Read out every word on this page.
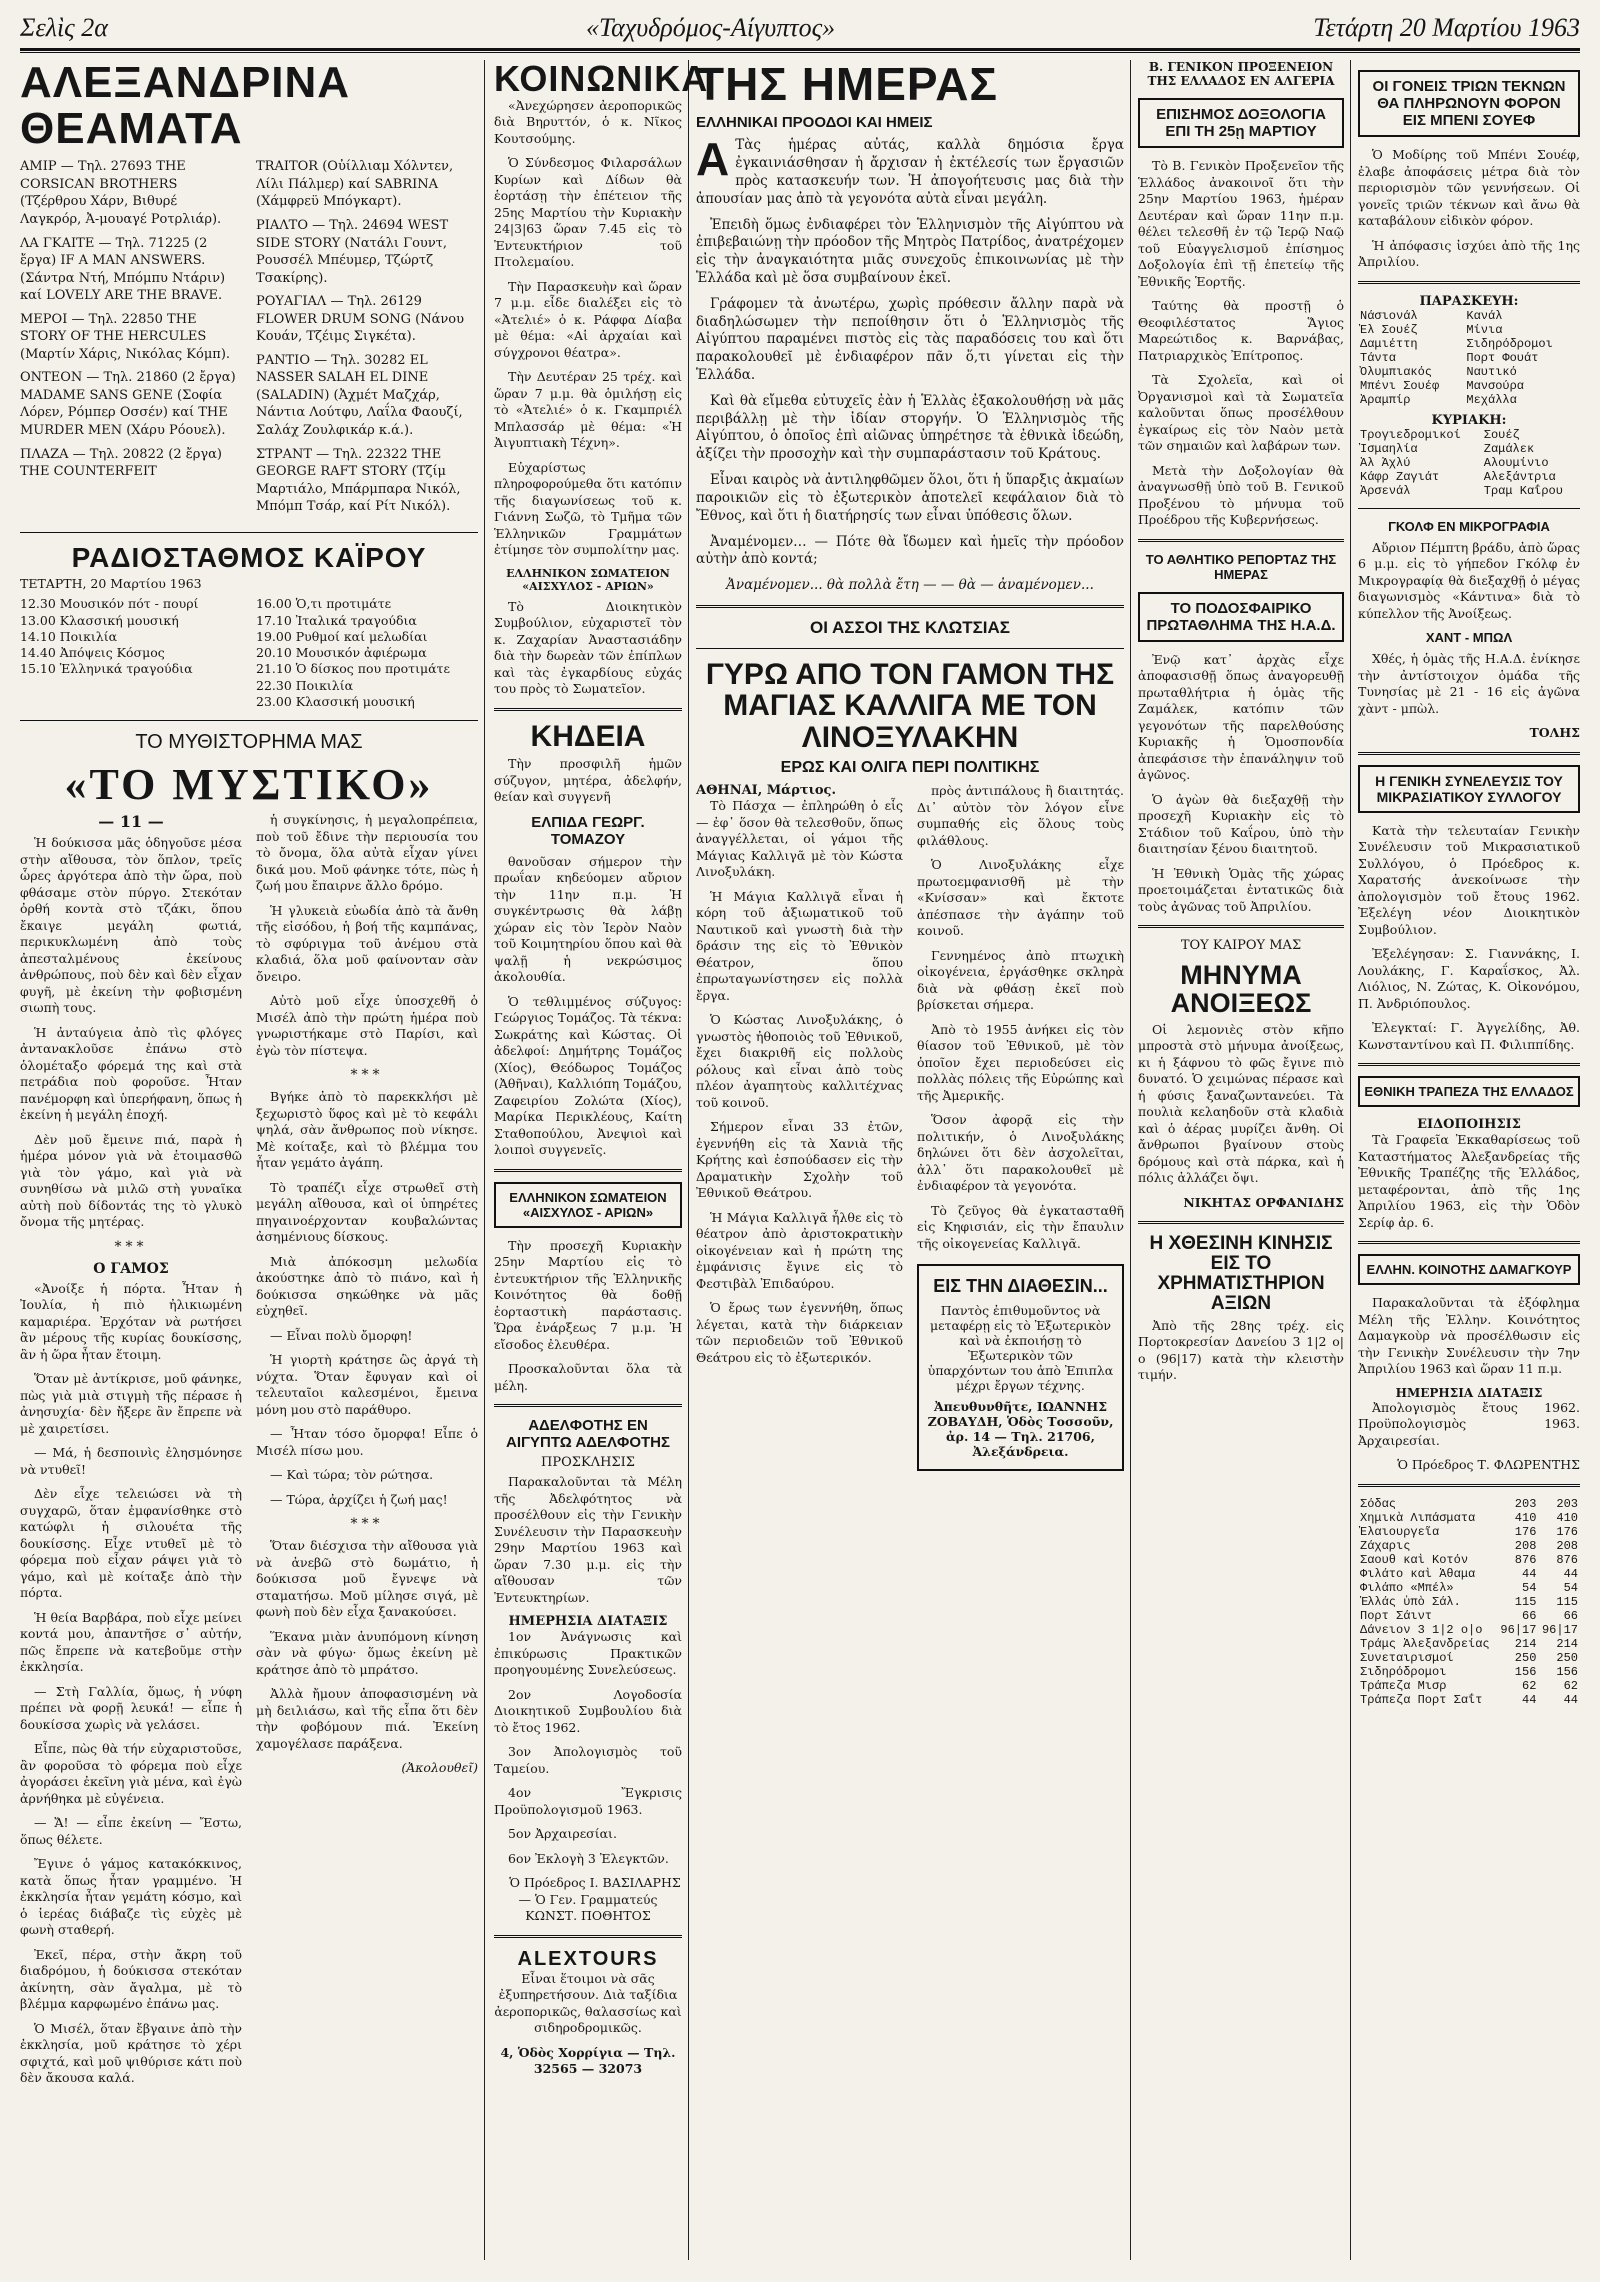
Σελὶς 2α	«Ταχυδρόμος-Αίγυπτος»	Τετάρτη 20 Μαρτίου 1963
ΑΛΕΞΑΝΔΡΙΝΑ ΘΕΑΜΑΤΑ

ΑΜΙΡ — Τηλ. 27693 THE CORSICAN BROTHERS (Τζέρθρου Χάρν, Βιθυρέ Λαγκρόρ, Ἀ-μουαγέ Ροτρλιάρ).

ΛΑ ΓΚΑΙΤΕ — Τηλ. 71225 (2 ἔργα) IF A MAN ANSWERS. (Σάντρα Ντή, Μπόμπυ Ντάριν) καί LOVELY ARE THE BRAVE.

ΜΕΡΟΙ — Τηλ. 22850 THE STORY OF THE HERCULES (Μαρτίν Χάρις, Νικόλας Κόμπ).

ΟΝΤΕΟΝ — Τηλ. 21860 (2 ἔργα) MADAME SANS GENE (Σοφία Λόρεν, Ρόμπερ Οσσέν) καί THE MURDER MEN (Χάρυ Ρόουελ).

ΠΛΑΖΑ — Τηλ. 20822 (2 ἔργα) THE COUNTERFEIT

TRAITOR (Οὐίλλιαμ Χόλντεν, Λίλι Πάλμερ) καί SABRINA (Χάμφρεϋ Μπόγκαρτ).

ΡΙΑΛΤΟ — Τηλ. 24694 WEST SIDE STORY (Νατάλι Γουντ, Ρουσσέλ Μπέυμερ, Τζώρτζ Τσακίρης).

ΡΟΥΑΓΙΑΛ — Τηλ. 26129 FLOWER DRUM SONG (Νάνου Κουάν, Τζέιμς Σιγκέτα).

ΡΑΝΤΙΟ — Τηλ. 30282 EL NASSER SALAH EL DINE (SALADIN) (Ἀχμέτ Μαζχάρ, Νάντια Λούτφυ, Λαΐλα Φαουζί, Σαλάχ Ζουλφικάρ κ.ά.).

ΣΤΡΑΝΤ — Τηλ. 22322 THE GEORGE RAFT STORY (Τζίμ Μαρτιάλο, Μπάρμπαρα Νικόλ, Μπόμπ Τσάρ, καί Ρίτ Νικόλ).

ΡΑΔΙΟΣΤΑΘΜΟΣ ΚΑΪΡΟΥ
ΤΕΤΑΡΤΗ, 20 Μαρτίου 1963
12.30 Μουσικόν πότ - πουρί
13.00 Κλασσική μουσική
14.10 Ποικιλία
14.40 Ἀπόψεις Κόσμος
15.10 Ἑλληνικά τραγούδια
16.00 Ὁ,τι προτιμάτε
17.10 Ἰταλικά τραγούδια
19.00 Ρυθμοί καί μελωδίαι
20.10 Μουσικόν ἀφιέρωμα
21.10 Ὁ δίσκος που προτιμάτε
22.30 Ποικιλία
23.00 Κλασσική μουσική
ΤΟ ΜΥΘΙΣΤΟΡΗΜΑ ΜΑΣ
«ΤΟ ΜΥΣΤΙΚΟ»
— 11 —

Ἡ δούκισσα μᾶς ὁδηγοῦσε μέσα στὴν αἴθουσα, τὸν ὅπλον, τρεῖς ὧρες ἀργότερα ἀπὸ τὴν ὥρα, ποὺ φθάσαμε στὸν πύργο. Στεκόταν ὀρθή κοντὰ στὸ τζάκι, ὅπου ἔκαιγε μεγάλη φωτιά, περικυκλωμένη ἀπὸ τοὺς ἀπεσταλμένους ἐκείνους ἀνθρώπους, ποὺ δὲν καὶ δὲν εἶχαν φυγῆ, μὲ ἐκείνη τὴν φοβισμένη σιωπὴ τους.

Ἡ ἀνταύγεια ἀπὸ τὶς φλόγες ἀντανακλοῦσε ἐπάνω στὸ ὁλομέταξο φόρεμά της καὶ στὰ πετράδια ποὺ φοροῦσε. Ἦταν πανέμορφη καὶ ὑπερήφανη, ὅπως ἡ ἐκείνη ἡ μεγάλη ἐποχή.

Δὲν μοῦ ἔμεινε πιά, παρὰ ἡ ἡμέρα μόνον γιὰ νὰ ἑτοιμασθῶ γιὰ τὸν γάμο, καὶ γιὰ νὰ συνηθίσω νὰ μιλῶ στὴ γυναῖκα αὐτὴ ποὺ δίδοντάς της τὸ γλυκὸ ὄνομα τῆς μητέρας.

***
Ο ΓΑΜΟΣ

«Ἀνοίξε ἡ πόρτα. Ἦταν ἡ Ἰουλία, ἡ πιὸ ἠλικιωμένη καμαριέρα. Ἐρχόταν νὰ ρωτήσει ἂν μέρους τῆς κυρίας δουκίσσης, ἂν ἡ ὥρα ἦταν ἕτοιμη.

Ὅταν μὲ ἀντίκρισε, μοῦ φάνηκε, πὼς γιὰ μιὰ στιγμὴ τῆς πέρασε ἡ ἀνησυχία· δὲν ἤξερε ἂν ἔπρεπε νὰ μὲ χαιρετίσει.

— Μά, ἡ δεσποινὶς ἐλησμόνησε νὰ ντυθεῖ!

Δὲν εἶχε τελειώσει νὰ τὴ συγχαρῶ, ὅταν ἐμφανίσθηκε στὸ κατώφλι ἡ σιλουέτα τῆς δουκίσσης. Εἶχε ντυθεῖ μὲ τὸ φόρεμα ποὺ εἶχαν ράψει γιὰ τὸ γάμο, καὶ μὲ κοίταξε ἀπὸ τὴν πόρτα.

Ἡ θεία Βαρβάρα, ποὺ εἶχε μείνει κοντά μου, ἀπαντῆσε σ᾽ αὐτήν, πῶς ἔπρεπε νὰ κατεβοῦμε στὴν ἐκκλησία.

— Στὴ Γαλλία, ὅμως, ἡ νύφη πρέπει νὰ φορῇ λευκά! — εἶπε ἡ δουκίσσα χωρὶς νὰ γελάσει.

Εἶπε, πὼς θὰ τήν εὐχαριστοῦσε, ἂν φοροῦσα τὸ φόρεμα ποὺ εἶχε ἀγοράσει ἐκεῖνη γιὰ μένα, καὶ ἐγὼ ἀρνήθηκα μὲ εὐγένεια.

— Ἄ! — εἶπε ἐκείνη — Ἔστω, ὅπως θέλετε.

Ἔγινε ὁ γάμος κατακόκκινος, κατὰ ὅπως ἦταν γραμμένο. Ἡ ἐκκλησία ἦταν γεμάτη κόσμο, καὶ ὁ ἱερέας διάβαζε τὶς εὐχὲς μὲ φωνὴ σταθερή.

Ἐκεῖ, πέρα, στὴν ἄκρη τοῦ διαδρόμου, ἡ δούκισσα στεκόταν ἀκίνητη, σὰν ἄγαλμα, μὲ τὸ βλέμμα καρφωμένο ἐπάνω μας.

Ὁ Μισέλ, ὅταν ἔβγαινε ἀπὸ τὴν ἐκκλησία, μοῦ κράτησε τὸ χέρι σφιχτά, καὶ μοῦ ψιθύρισε κάτι ποὺ δὲν ἄκουσα καλά.

ἡ συγκίνησις, ἡ μεγαλοπρέπεια, ποὺ τοῦ ἔδινε τὴν περιουσία του τὸ ὄνομα, ὅλα αὐτὰ εἶχαν γίνει δικά μου. Μοῦ φάνηκε τότε, πὼς ἡ ζωή μου ἔπαιρνε ἄλλο δρόμο.

Ἡ γλυκειὰ εὐωδία ἀπὸ τὰ ἄνθη τῆς εἰσόδου, ἡ βοή τῆς καμπάνας, τὸ σφύριγμα τοῦ ἀνέμου στὰ κλαδιά, ὅλα μοῦ φαίνονταν σὰν ὄνειρο.

Αὐτὸ μοῦ εἶχε ὑποσχεθῆ ὁ Μισέλ ἀπὸ τὴν πρώτη ἡμέρα ποὺ γνωριστήκαμε στὸ Παρίσι, καὶ ἐγὼ τὸν πίστεψα.

***

Βγήκε ἀπὸ τὸ παρεκκλήσι μὲ ξεχωριστὸ ὕφος καὶ μὲ τὸ κεφάλι ψηλά, σὰν ἄνθρωπος ποὺ νίκησε. Μὲ κοίταξε, καὶ τὸ βλέμμα του ἦταν γεμάτο ἀγάπη.

Τὸ τραπέζι εἶχε στρωθεῖ στὴ μεγάλη αἴθουσα, καὶ οἱ ὑπηρέτες πηγαινοέρχονταν κουβαλώντας ἀσημένιους δίσκους.

Μιὰ ἀπόκοσμη μελωδία ἀκούστηκε ἀπὸ τὸ πιάνο, καὶ ἡ δούκισσα σηκώθηκε νὰ μᾶς εὐχηθεῖ.

— Εἶναι πολὺ ὄμορφη!

Ἡ γιορτὴ κράτησε ὣς ἀργά τὴ νύχτα. Ὅταν ἔφυγαν καὶ οἱ τελευταῖοι καλεσμένοι, ἔμεινα μόνη μου στὸ παράθυρο.

— Ἦταν τόσο ὄμορφα! Εἶπε ὁ Μισέλ πίσω μου.

— Καὶ τώρα; τὸν ρώτησα.

— Τώρα, ἀρχίζει ἡ ζωή μας!

***

Ὅταν διέσχισα τὴν αἴθουσα γιὰ νὰ ἀνεβῶ στὸ δωμάτιο, ἡ δούκισσα μοῦ ἔγνεψε νὰ σταματήσω. Μοῦ μίλησε σιγά, μὲ φωνὴ ποὺ δὲν εἶχα ξανακούσει.

Ἕκανα μιὰν ἀνυπόμονη κίνηση σὰν νὰ φύγω· ὅμως ἐκείνη μὲ κράτησε ἀπὸ τὸ μπράτσο.

Ἀλλὰ ἤμουν ἀποφασισμένη νὰ μὴ δειλιάσω, καὶ τῆς εἶπα ὅτι δὲν τὴν φοβόμουν πιά. Ἐκείνη χαμογέλασε παράξενα.

(Ἀκολουθεῖ)

ΚΟΙΝΩΝΙΚΑ

«Ἀνεχώρησεν ἀεροπορικῶς διὰ Βηρυττόν, ὁ κ. Νῖκος Κουτσούμης.

Ὁ Σύνδεσμος Φιλαρσάλων Κυρίων καὶ Δίδων θὰ ἑορτάσῃ τὴν ἐπέτειον τῆς 25ης Μαρτίου τὴν Κυριακὴν 24|3|63 ὥραν 7.45 εἰς τὸ Ἐντευκτήριον τοῦ Πτολεμαίου.

Τὴν Παρασκευὴν καὶ ὥραν 7 μ.μ. εἶδε διαλέξει εἰς τὸ «Ἀτελιέ» ὁ κ. Ράφφα Δίαβα μὲ θέμα: «Αἱ ἀρχαίαι καὶ σύγχρονοι θέατρα».

Τὴν Δευτέραν 25 τρέχ. καὶ ὥραν 7 μ.μ. θὰ ὁμιλήσῃ εἰς τὸ «Ἀτελιέ» ὁ κ. Γκαμπριέλ Μπλασσάρ μὲ θέμα: «Ἡ Ἀιγυπτιακὴ Τέχνη».

Εὐχαρίστως πληροφορούμεθα ὅτι κατόπιν τῆς διαγωνίσεως τοῦ κ. Γιάννη Σωζῶ, τὸ Τμῆμα τῶν Ἑλληνικῶν Γραμμάτων ἐτίμησε τὸν συμπολίτην μας.

ΕΛΛΗΝΙΚΟΝ ΣΩΜΑΤΕΙΟΝ «ΑΙΣΧΥΛΟΣ - ΑΡΙΩΝ»

Τὸ Διοικητικὸν Συμβούλιον, εὐχαριστεῖ τὸν κ. Ζαχαρίαν Ἀναστασιάδην διὰ τὴν δωρεὰν τῶν ἐπίπλων καὶ τὰς ἐγκαρδίους εὐχάς του πρὸς τὸ Σωματεῖον.

ΚΗΔΕΙΑ

Τὴν προσφιλῆ ἡμῶν σύζυγον, μητέρα, ἀδελφήν, θείαν καὶ συγγενῆ

ΕΛΠΙΔΑ ΓΕΩΡΓ. ΤΟΜΑΖΟΥ

θανοῦσαν σήμερον τὴν πρωΐαν κηδεύομεν αὔριον τὴν 11ην π.μ. Ἡ συγκέντρωσις θὰ λάβῃ χώραν εἰς τὸν Ἱερὸν Ναὸν τοῦ Κοιμητηρίου ὅπου καὶ θὰ ψαλῇ ἡ νεκρώσιμος ἀκολουθία.

Ὁ τεθλιμμένος σύζυγος: Γεώργιος Τομάζος. Τὰ τέκνα: Σωκράτης καὶ Κώστας. Οἱ ἀδελφοί: Δημήτρης Τομάζος (Χίος), Θεόδωρος Τομάζος (Ἀθῆναι), Καλλιόπη Τομάζου, Ζαφειρίου Ζολώτα (Χίος), Μαρίκα Περικλέους, Καίτη Σταθοπούλου, Ἀνεψιοὶ καὶ λοιποὶ συγγενεῖς.

ΕΛΛΗΝΙΚΟΝ ΣΩΜΑΤΕΙΟΝ «ΑΙΣΧΥΛΟΣ - ΑΡΙΩΝ»

Τὴν προσεχῆ Κυριακὴν 25ην Μαρτίου εἰς τὸ ἐντευκτήριον τῆς Ἑλληνικῆς Κοινότητος θὰ δοθῇ ἑορταστικὴ παράστασις. Ὥρα ἐνάρξεως 7 μ.μ. Ἡ εἴσοδος ἐλευθέρα.

Προσκαλοῦνται ὅλα τὰ μέλη.

ΑΔΕΛΦΟΤΗΣ ΕΝ ΑΙΓΥΠΤΩ ΑΔΕΛΦΟΤΗΣ
ΠΡΟΣΚΛΗΣΙΣ

Παρακαλοῦνται τὰ Μέλη τῆς Ἀδελφότητος νὰ προσέλθουν εἰς τὴν Γενικὴν Συνέλευσιν τὴν Παρασκευὴν 29ην Μαρτίου 1963 καὶ ὥραν 7.30 μ.μ. εἰς τὴν αἴθουσαν τῶν Ἐντευκτηρίων.

ΗΜΕΡΗΣΙΑ ΔΙΑΤΑΞΙΣ

1ον Ἀνάγνωσις καὶ ἐπικύρωσις Πρακτικῶν προηγουμένης Συνελεύσεως.

2ον Λογοδοσία Διοικητικοῦ Συμβουλίου διὰ τὸ ἔτος 1962.

3ον Ἀπολογισμὸς τοῦ Ταμείου.

4ον Ἔγκρισις Προϋπολογισμοῦ 1963.

5ον Ἀρχαιρεσίαι.

6ον Ἐκλογὴ 3 Ἐλεγκτῶν.

Ὁ Πρόεδρος Ι. ΒΑΣΙΛΑΡΗΣ — Ὁ Γεν. Γραμματεύς ΚΩΝΣΤ. ΠΟΘΗΤΟΣ

ALEXTOURS

Εἶναι ἕτοιμοι νὰ σᾶς ἐξυπηρετήσουν. Διὰ ταξίδια ἀεροπορικῶς, θαλασσίως καὶ σιδηροδρομικῶς.

4, Ὁδὸς Χορρίγια — Τηλ. 32565 — 32073

ΤΗΣ ΗΜΕΡΑΣ
ΕΛΛΗΝΙΚΑΙ ΠΡΟΟΔΟΙ ΚΑΙ ΗΜΕΙΣ
Α Τὰς ἡμέρας αὐτάς, καλλὰ δημόσια ἔργα ἐγκαινιάσθησαν ἡ ἄρχισαν ἡ ἐκτέλεσίς των ἔργασιῶν πρὸς κατασκευήν των. Ἡ ἀπογοήτευσις μας διὰ τὴν ἀπουσίαν μας ἀπὸ τὰ γεγονότα αὐτὰ εἶναι μεγάλη.

Ἐπειδὴ ὅμως ἐνδιαφέρει τὸν Ἑλληνισμὸν τῆς Αἰγύπτου νὰ ἐπιβεβαιώνῃ τὴν πρόοδον τῆς Μητρὸς Πατρίδος, ἀνατρέχομεν εἰς τὴν ἀναγκαιότητα μιᾶς συνεχοῦς ἐπικοινωνίας μὲ τὴν Ἑλλάδα καὶ μὲ ὅσα συμβαίνουν ἐκεῖ.

Γράφομεν τὰ ἀνωτέρω, χωρὶς πρόθεσιν ἄλλην παρὰ νὰ διαδηλώσωμεν τὴν πεποίθησιν ὅτι ὁ Ἑλληνισμὸς τῆς Αἰγύπτου παραμένει πιστὸς εἰς τὰς παραδόσεις του καὶ ὅτι παρακολουθεῖ μὲ ἐνδιαφέρον πᾶν ὅ,τι γίνεται εἰς τὴν Ἑλλάδα.

Καὶ θὰ εἴμεθα εὐτυχεῖς ἐὰν ἡ Ἑλλὰς ἐξακολουθήσῃ νὰ μᾶς περιβάλλῃ μὲ τὴν ἰδίαν στοργήν. Ὁ Ἑλληνισμὸς τῆς Αἰγύπτου, ὁ ὁποῖος ἐπὶ αἰῶνας ὑπηρέτησε τὰ ἐθνικὰ ἰδεώδη, ἀξίζει τὴν προσοχὴν καὶ τὴν συμπαράστασιν τοῦ Κράτους.

Εἶναι καιρὸς νὰ ἀντιληφθῶμεν ὅλοι, ὅτι ἡ ὕπαρξις ἀκμαίων παροικιῶν εἰς τὸ ἐξωτερικὸν ἀποτελεῖ κεφάλαιον διὰ τὸ Ἔθνος, καὶ ὅτι ἡ διατήρησίς των εἶναι ὑπόθεσις ὅλων.

Ἀναμένομεν… — Πότε θὰ ἴδωμεν καὶ ἡμεῖς τὴν πρόοδον αὐτὴν ἀπὸ κοντά;

Ἀναμένομεν... θὰ πολλὰ ἔτη — — θὰ — ἀναμένομεν...

ΟΙ ΑΣΣΟΙ ΤΗΣ ΚΛΩΤΣΙΑΣ
ΓΥΡΩ ΑΠΟ ΤΟΝ ΓΑΜΟΝ ΤΗΣ ΜΑΓΙΑΣ ΚΑΛΛΙΓΑ ΜΕ ΤΟΝ ΛΙΝΟΞΥΛΑΚΗΝ
ΕΡΩΣ ΚΑΙ ΟΛΙΓΑ ΠΕΡΙ ΠΟΛΙΤΙΚΗΣ
ΑΘΗΝΑΙ, Μάρτιος.

Τὸ Πάσχα — ἐπληρώθη ὁ εἷς — ἐφ᾽ ὅσον θὰ τελεσθοῦν, ὅπως ἀναγγέλλεται, οἱ γάμοι τῆς Μάγιας Καλλιγᾶ μὲ τὸν Κώστα Λινοξυλάκη.

Ἡ Μάγια Καλλιγᾶ εἶναι ἡ κόρη τοῦ ἀξιωματικοῦ τοῦ Ναυτικοῦ καὶ γνωστὴ διὰ τὴν δράσιν της εἰς τὸ Ἐθνικὸν Θέατρον, ὅπου ἐπρωταγωνίστησεν εἰς πολλὰ ἔργα.

Ὁ Κώστας Λινοξυλάκης, ὁ γνωστὸς ἠθοποιὸς τοῦ Ἐθνικοῦ, ἔχει διακριθῆ εἰς πολλοὺς ρόλους καὶ εἶναι ἀπὸ τοὺς πλέον ἀγαπητοὺς καλλιτέχνας τοῦ κοινοῦ.

Σήμερον εἶναι 33 ἐτῶν, ἐγεννήθη εἰς τὰ Χανιὰ τῆς Κρήτης καὶ ἐσπούδασεν εἰς τὴν Δραματικὴν Σχολὴν τοῦ Ἐθνικοῦ Θεάτρου.

Ἡ Μάγια Καλλιγᾶ ἦλθε εἰς τὸ θέατρον ἀπὸ ἀριστοκρατικὴν οἰκογένειαν καὶ ἡ πρώτη της ἐμφάνισις ἔγινε εἰς τὸ Φεστιβὰλ Ἐπιδαύρου.

Ὁ ἔρως των ἐγεννήθη, ὅπως λέγεται, κατὰ τὴν διάρκειαν τῶν περιοδειῶν τοῦ Ἐθνικοῦ Θεάτρου εἰς τὸ ἐξωτερικόν.

πρὸς ἀντιπάλους ἢ διαιτητάς. Δι᾽ αὐτὸν τὸν λόγον εἶνε συμπαθής εἰς ὅλους τοὺς φιλάθλους.

Ὁ Λινοξυλάκης εἶχε πρωτοεμφανισθῆ μὲ τὴν «Κνίσσαν» καὶ ἔκτοτε ἀπέσπασε τὴν ἀγάπην τοῦ κοινοῦ.

Γεννημένος ἀπὸ πτωχικὴ οἰκογένεια, ἐργάσθηκε σκληρὰ διὰ νὰ φθάσῃ ἐκεῖ ποὺ βρίσκεται σήμερα.

Ἀπὸ τὸ 1955 ἀνήκει εἰς τὸν θίασον τοῦ Ἐθνικοῦ, μὲ τὸν ὁποῖον ἔχει περιοδεύσει εἰς πολλὰς πόλεις τῆς Εὐρώπης καὶ τῆς Ἀμερικῆς.

Ὅσον ἀφορᾷ εἰς τὴν πολιτικήν, ὁ Λινοξυλάκης δηλώνει ὅτι δὲν ἀσχολεῖται, ἀλλ᾽ ὅτι παρακολουθεῖ μὲ ἐνδιαφέρον τὰ γεγονότα.

Τὸ ζεῦγος θὰ ἐγκατασταθῆ εἰς Κηφισιάν, εἰς τὴν ἔπαυλιν τῆς οἰκογενείας Καλλιγᾶ.

ΕΙΣ ΤΗΝ ΔΙΑΘΕΣΙΝ...
Παντὸς ἐπιθυμοῦντος νὰ μεταφέρῃ εἰς τὸ Ἐξωτερικὸν καὶ νὰ ἐκποιήσῃ τὸ Ἐξωτερικὸν τῶν ὑπαρχόντων του ἀπὸ Ἐπιπλα μέχρι ἔργων τέχνης.
Ἀπευθυνθῆτε, ΙΩΑΝΝΗΣ ΖΟΒΑΥΔΗ, Ὁδὸς Τοσσοῦν, ἀρ. 14 — Τηλ. 21706, Ἀλεξάνδρεια.
Β. ΓΕΝΙΚΟΝ ΠΡΟΞΕΝΕΙΟΝ ΤΗΣ ΕΛΛΑΔΟΣ ΕΝ ΑΛΓΕΡΙΑ
ΕΠΙΣΗΜΟΣ ΔΟΞΟΛΟΓΙΑ ΕΠΙ ΤΗ 25ῃ ΜΑΡΤΙΟΥ

Τὸ Β. Γενικὸν Προξενεῖον τῆς Ἑλλάδος ἀνακοινοῖ ὅτι τὴν 25ην Μαρτίου 1963, ἡμέραν Δευτέραν καὶ ὥραν 11ην π.μ. θέλει τελεσθῆ ἐν τῷ Ἱερῷ Ναῷ τοῦ Εὐαγγελισμοῦ ἐπίσημος Δοξολογία ἐπὶ τῇ ἐπετείῳ τῆς Ἐθνικῆς Ἑορτῆς.

Ταύτης θὰ προστῇ ὁ Θεοφιλέστατος Ἅγιος Μαρεώτιδος κ. Βαρνάβας, Πατριαρχικὸς Ἐπίτροπος.

Τὰ Σχολεῖα, καὶ οἱ Ὀργανισμοὶ καὶ τὰ Σωματεῖα καλοῦνται ὅπως προσέλθουν ἐγκαίρως εἰς τὸν Ναὸν μετὰ τῶν σημαιῶν καὶ λαβάρων των.

Μετὰ τὴν Δοξολογίαν θὰ ἀναγνωσθῇ ὑπὸ τοῦ Β. Γενικοῦ Προξένου τὸ μήνυμα τοῦ Προέδρου τῆς Κυβερνήσεως.

ΤΟ ΑΘΛΗΤΙΚΟ ΡΕΠΟΡΤΑΖ ΤΗΣ ΗΜΕΡΑΣ
ΤΟ ΠΟΔΟΣΦΑΙΡΙΚΟ ΠΡΩΤΑΘΛΗΜΑ ΤΗΣ Η.Α.Δ.

Ἐνῷ κατ᾽ ἀρχὰς εἶχε ἀποφασισθῇ ὅπως ἀναγορευθῇ πρωταθλήτρια ἡ ὁμὰς τῆς Ζαμάλεκ, κατόπιν τῶν γεγονότων τῆς παρελθούσης Κυριακῆς ἡ Ὁμοσπονδία ἀπεφάσισε τὴν ἐπανάληψιν τοῦ ἀγῶνος.

Ὁ ἀγὼν θὰ διεξαχθῇ τὴν προσεχῆ Κυριακὴν εἰς τὸ Στάδιον τοῦ Καΐρου, ὑπὸ τὴν διαιτησίαν ξένου διαιτητοῦ.

Ἡ Ἐθνικὴ Ὁμὰς τῆς χώρας προετοιμάζεται ἐντατικῶς διὰ τοὺς ἀγῶνας τοῦ Ἀπριλίου.

ΤΟΥ ΚΑΙΡΟΥ ΜΑΣ
ΜΗΝΥΜΑ ΑΝΟΙΞΕΩΣ

Οἱ λεμονιὲς στὸν κῆπο μπροστὰ στὸ μήνυμα ἀνοίξεως, κι ἡ ξάφνου τὸ φῶς ἔγινε πιὸ δυνατό. Ὁ χειμώνας πέρασε καὶ ἡ φύσις ξαναζωντανεύει. Τὰ πουλιὰ κελαηδοῦν στὰ κλαδιὰ καὶ ὁ ἀέρας μυρίζει ἄνθη. Οἱ ἄνθρωποι βγαίνουν στοὺς δρόμους καὶ στὰ πάρκα, καὶ ἡ πόλις ἀλλάζει ὄψι.

ΝΙΚΗΤΑΣ ΟΡΦΑΝΙΔΗΣ

Η ΧΘΕΣΙΝΗ ΚΙΝΗΣΙΣ ΕΙΣ ΤΟ ΧΡΗΜΑΤΙΣΤΗΡΙΟΝ ΑΞΙΩΝ

Ἀπὸ τῆς 28ης τρέχ. εἰς Πορτοκρεσίαν Δανείου 3 1|2 ο|ο (96|17) κατὰ τὴν κλειστὴν τιμήν.

ΟΙ ΓΟΝΕΙΣ ΤΡΙΩΝ ΤΕΚΝΩΝ ΘΑ ΠΛΗΡΩΝΟΥΝ ΦΟΡΟΝ ΕΙΣ ΜΠΕΝΙ ΣΟΥΕΦ

Ὁ Μοδίρης τοῦ Μπένι Σουέφ, ἐλαβε ἀποφάσεις μέτρα διὰ τὸν περιορισμὸν τῶν γεννήσεων. Οἱ γονεῖς τριῶν τέκνων καὶ ἄνω θὰ καταβάλουν εἰδικὸν φόρον.

Ἡ ἀπόφασις ἰσχύει ἀπὸ τῆς 1ης Ἀπριλίου.

ΠΑΡΑΣΚΕΥΗ:
Νάσιονάλ	Κανάλ
Ἐλ Σουέζ	Μίνια
Δαμιέττη	Σιδηρόδρομοι
Τάντα	Πορτ Φουάτ
Ὀλυμπιακός	Ναυτικό
Μπένι Σουέφ	Μανσούρα
Ἀραμπίρ	Μεχάλλα
ΚΥΡΙΑΚΗ:
Τρογιεδρομικοί	Σουέζ
Ἰσμαηλία	Ζαμάλεκ
Ἀλ Ἀχλύ	Αλουμίνιο
Κάφρ Ζαγιάτ	Αλεξάντρια
Ἀρσενάλ	Τραμ Καΐρου
ΓΚΟΛΦ ΕΝ ΜΙΚΡΟΓΡΑΦΙΑ

Αὔριον Πέμπτη βράδυ, ἀπὸ ὥρας 6 μ.μ. εἰς τὸ γήπεδον Γκόλφ ἐν Μικρογραφίᾳ θὰ διεξαχθῇ ὁ μέγας διαγωνισμὸς «Κάντινα» διὰ τὸ κύπελλον τῆς Ἀνοίξεως.

ΧΑΝΤ - ΜΠΩΛ

Χθές, ἡ ὁμὰς τῆς Η.Α.Δ. ἐνίκησε τὴν ἀντίστοιχον ὁμάδα τῆς Τυνησίας μὲ 21 - 16 εἰς ἀγῶνα χὰντ - μπὼλ.

ΤΟΛΗΣ

Η ΓΕΝΙΚΗ ΣΥΝΕΛΕΥΣΙΣ ΤΟΥ ΜΙΚΡΑΣΙΑΤΙΚΟΥ ΣΥΛΛΟΓΟΥ

Κατὰ τὴν τελευταίαν Γενικὴν Συνέλευσιν τοῦ Μικρασιατικοῦ Συλλόγου, ὁ Πρόεδρος κ. Χαρατσής ἀνεκοίνωσε τὴν ἀπολογισμὸν τοῦ ἔτους 1962. Ἐξελέγη νέον Διοικητικὸν Συμβούλιον.

Ἐξελέγησαν: Σ. Γιαννάκης, Ι. Λουλάκης, Γ. Καραΐσκος, Ἀλ. Λιόλιος, Ν. Ζώτας, Κ. Οἰκονόμου, Π. Ἀνδριόπουλος.

Ἐλεγκταί: Γ. Ἀγγελίδης, Ἀθ. Κωνσταντίνου καὶ Π. Φιλιππίδης.

ΕΘΝΙΚΗ ΤΡΑΠΕΖΑ ΤΗΣ ΕΛΛΑΔΟΣ
ΕΙΔΟΠΟΙΗΣΙΣ

Τὰ Γραφεῖα Ἐκκαθαρίσεως τοῦ Καταστήματος Ἀλεξανδρείας τῆς Ἐθνικῆς Τραπέζης τῆς Ἑλλάδος, μεταφέρονται, ἀπὸ τῆς 1ης Ἀπριλίου 1963, εἰς τὴν Ὁδὸν Σερίφ ἀρ. 6.

ΕΛΛΗΝ. ΚΟΙΝΟΤΗΣ ΔΑΜΑΓΚΟΥΡ

Παρακαλοῦνται τὰ ἐξόφλημα Μέλη τῆς Ἑλλην. Κοινότητος Δαμαγκοὺρ νὰ προσέλθωσιν εἰς τὴν Γενικὴν Συνέλευσιν τὴν 7ην Ἀπριλίου 1963 καὶ ὥραν 11 π.μ.

ΗΜΕΡΗΣΙΑ ΔΙΑΤΑΞΙΣ

Ἀπολογισμὸς ἔτους 1962. Προϋπολογισμὸς 1963. Ἀρχαιρεσίαι.

Ὁ Πρόεδρος Τ. ΦΛΩΡΕΝΤΗΣ

Σόδας	203	203
Χημικὰ Λιπάσματα	410	410
Ἐλαιουργεῖα	176	176
Ζάχαρις	208	208
Σαουθ καὶ Κοτόν	876	876
Φιλάτο καὶ Ἀθαμα	44	44
Φιλάπο «Μπέλ»	54	54
Ἑλλάς ὑπὸ Σάλ.	115	115
Πορτ Σάιντ	66	66
Δάνειον 3 1|2 ο|ο	96|17	96|17
Τράμς Ἀλεξανδρείας	214	214
Συνεταιρισμοί	250	250
Σιδηρόδρομοι	156	156
Τράπεζα Μισρ	62	62
Τράπεζα Πορτ Σαΐτ	44	44
